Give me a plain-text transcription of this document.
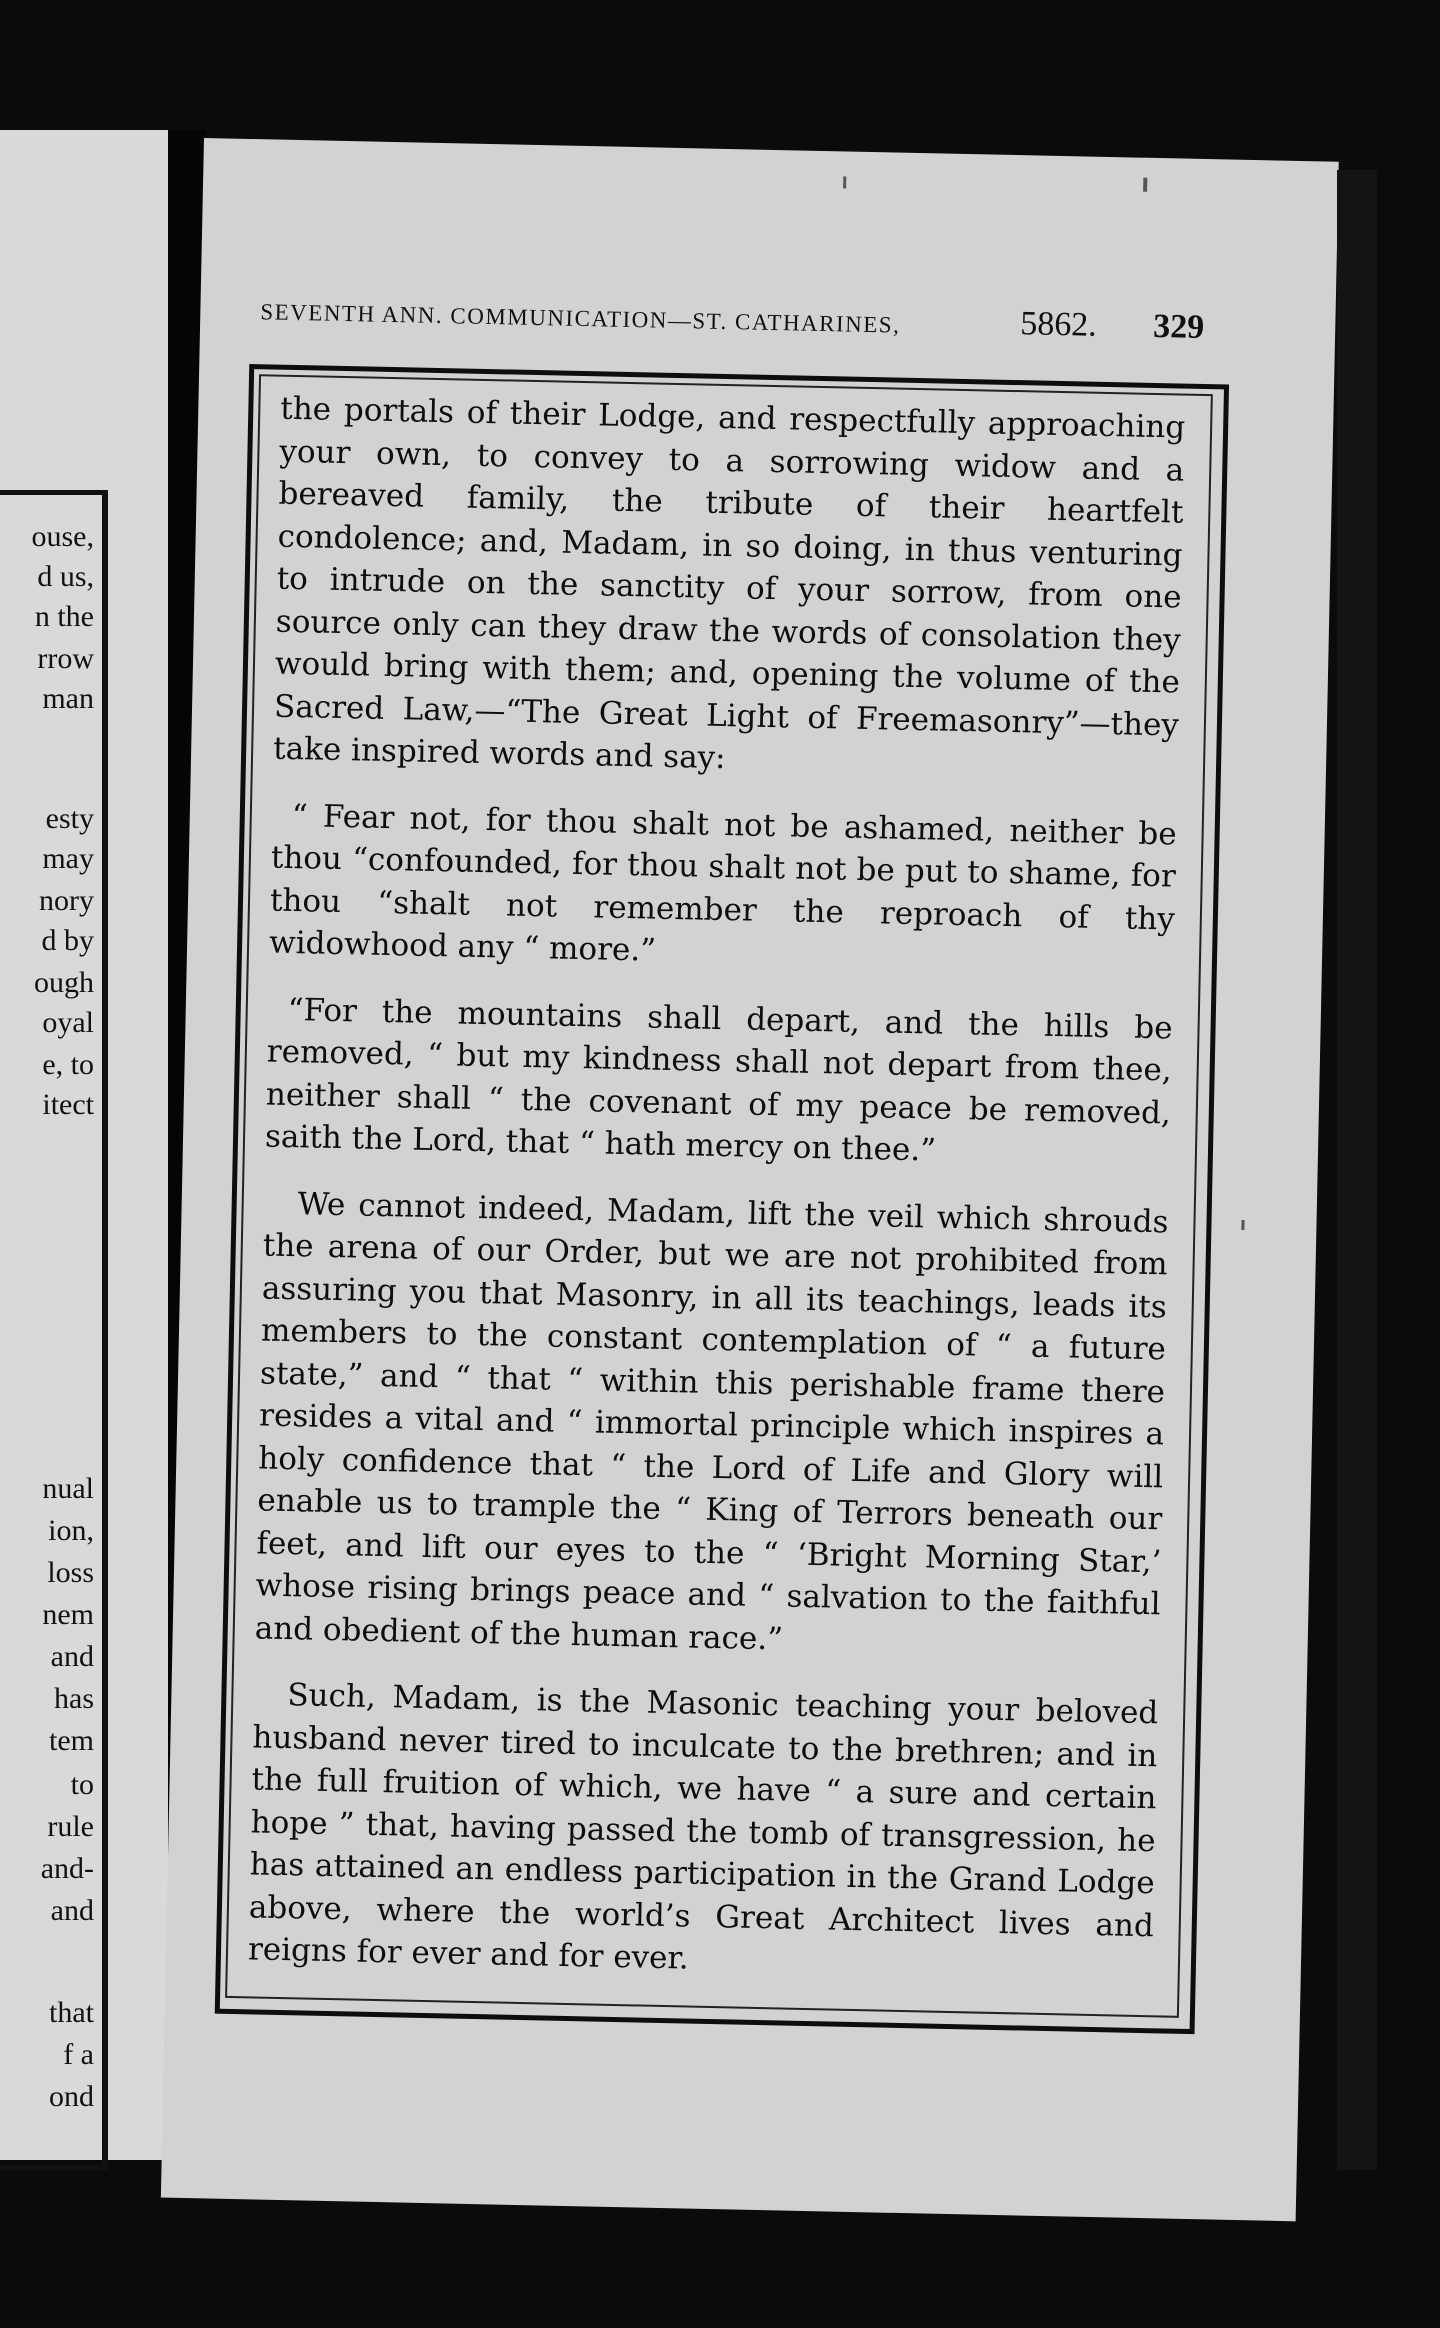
ouse,
d us,
n the
rrow
man
esty
may
nory
d by
ough
oyal
e, to
itect
nual
ion,
loss
nem
and
has
tem
to
rule
and-
and
that
f a
ond
SEVENTH ANN. COMMUNICATION—ST. CATHARINES,	5862. 329

the portals of their Lodge, and respectfully approaching your own, to convey to a sorrowing widow and a bereaved family, the tribute of their heartfelt condolence; and, Madam, in so doing, in thus venturing to intrude on the sanctity of your sorrow, from one source only can they draw the words of consolation they would bring with them; and, opening the volume of the Sacred Law,—“The Great Light of Freemasonry”—they take inspired words and say:

“ Fear not, for thou shalt not be ashamed, neither be thou “confounded, for thou shalt not be put to shame, for thou “shalt not remember the reproach of thy widowhood any “ more.”

“For the mountains shall depart, and the hills be removed, “ but my kindness shall not depart from thee, neither shall “ the covenant of my peace be removed, saith the Lord, that “ hath mercy on thee.”

We cannot indeed, Madam, lift the veil which shrouds the arena of our Order, but we are not prohibited from assuring you that Masonry, in all its teachings, leads its members to the constant contemplation of “ a future state,” and “ that “ within this perishable frame there resides a vital and “ immortal principle which inspires a holy confidence that “ the Lord of Life and Glory will enable us to trample the “ King of Terrors beneath our feet, and lift our eyes to the “ ‘Bright Morning Star,’ whose rising brings peace and “ salvation to the faithful and obedient of the human race.”

Such, Madam, is the Masonic teaching your beloved husband never tired to inculcate to the brethren; and in the full fruition of which, we have “ a sure and certain hope ” that, having passed the tomb of transgression, he has attained an endless participation in the Grand Lodge above, where the world’s Great Architect lives and reigns for ever and for ever.
